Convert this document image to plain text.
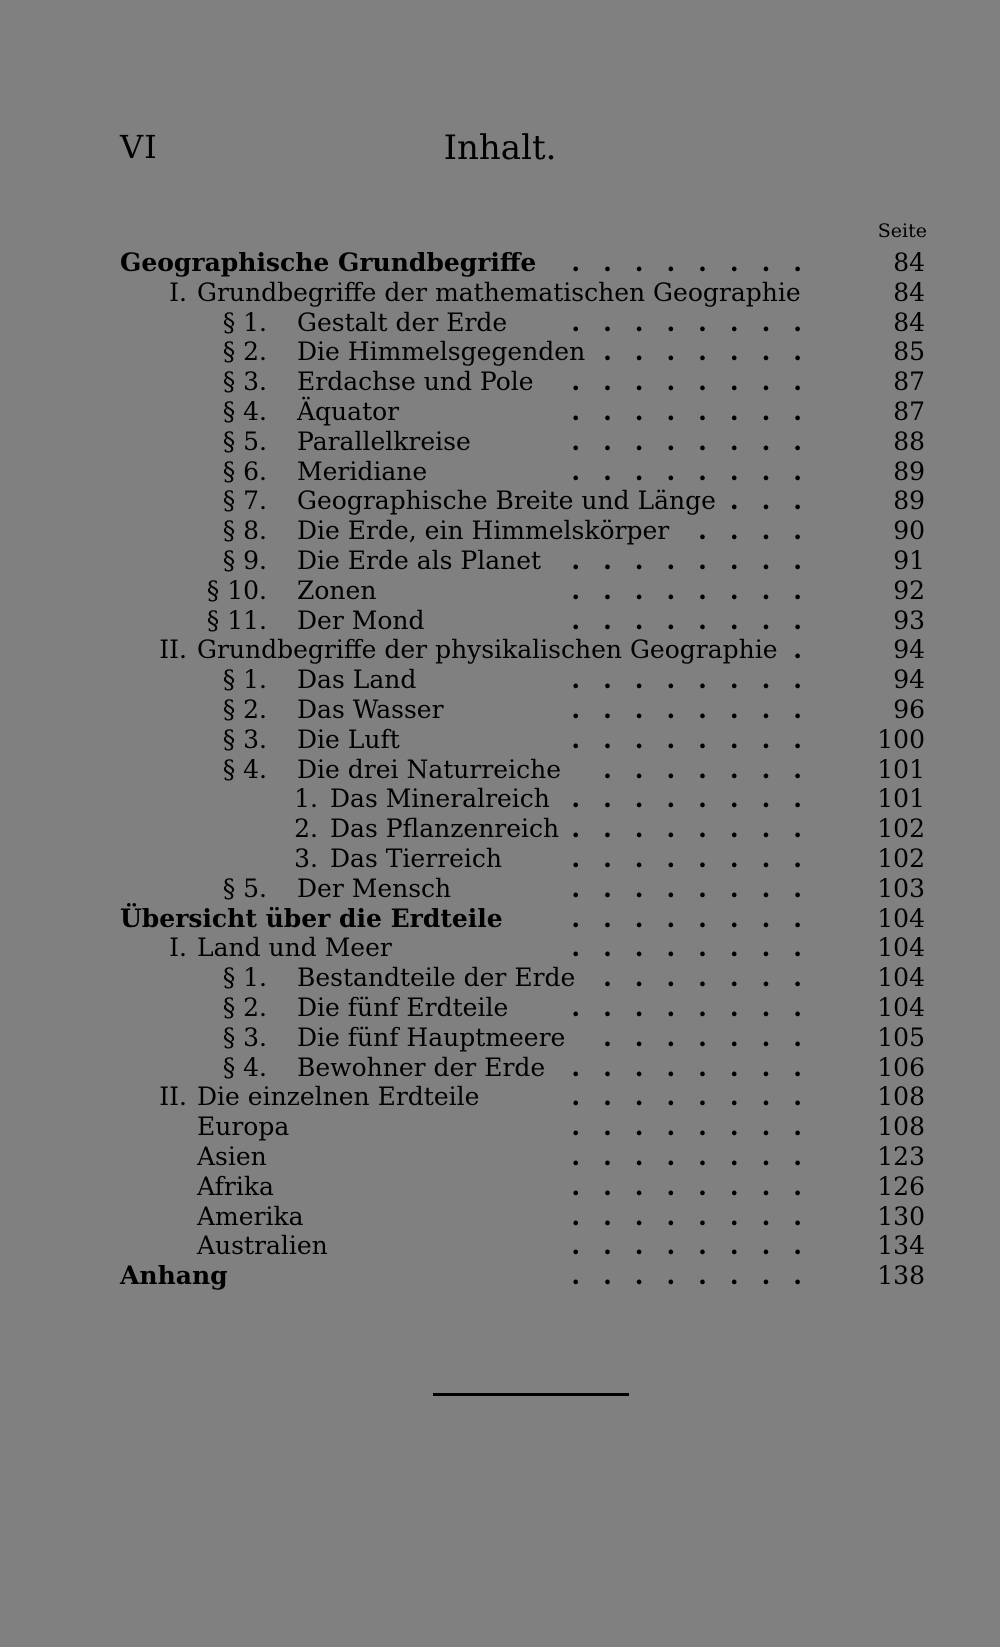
VI	Inhalt.
Seite
Geographische Grundbegriffe ........	84
I. Grundbegriffe der mathematischen Geographie	84
§ 1. Gestalt der Erde	........	84
§ 2. Die Himmelsgegenden .......	85
§ 3. Erdachse und Pole ........	87
§ 4. Äquator	........	87
§ 5. Parallelkreise	........	88
§ 6. Meridiane	........	89
§ 7. Geographische Breite und Länge ...	89
§ 8. Die Erde, ein Himmelskörper ....	90
§ 9. Die Erde als Planet ........	91
§ 10. Zonen	........	92
§ 11. Der Mond	........	93
II. Grundbegriffe der physikalischen Geographie .	94
§ 1. Das Land	........	94
§ 2. Das Wasser	........	96
§ 3. Die Luft	........	100
§ 4. Die drei Naturreiche .......	101
1. Das Mineralreich ........	101
2. Das Pflanzenreich ........	102
3. Das Tierreich	........	102
§ 5. Der Mensch	........	103
Übersicht über die Erdteile	........	104
I. Land und Meer	........	104
§ 1. Bestandteile der Erde .......	104
§ 2. Die fünf Erdteile	........	104
§ 3. Die fünf Hauptmeere .......	105
§ 4. Bewohner der Erde ........	106
II. Die einzelnen Erdteile	........	108
Europa	........	108
Asien	........	123
Afrika	........	126
Amerika	........	130
Australien	........	134
Anhang	........	138
